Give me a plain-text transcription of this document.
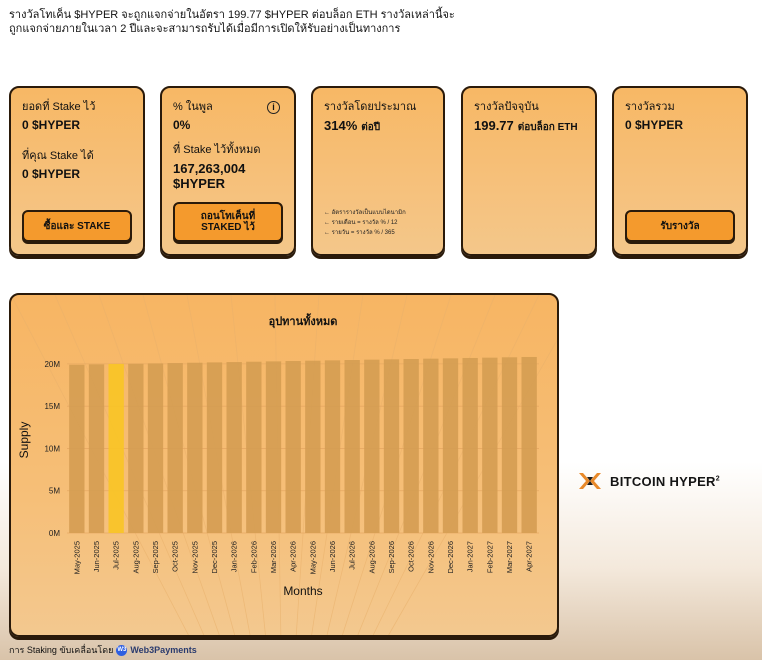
รางวัลโทเค็น $HYPER จะถูกแจกจ่ายในอัตรา 199.77 $HYPER ต่อบล็อก ETH รางวัลเหล่านี้จะ
ถูกแจกจ่ายภายในเวลา 2 ปีและจะสามารถรับได้เมื่อมีการเปิดให้รับอย่างเป็นทางการ
ยอดที่ Stake ไว้
0 $HYPER
ที่คุณ Stake ได้
0 $HYPER
ซื้อและ STAKE
% ในพูล	i
0%
ที่ Stake ไว้ทั้งหมด
167,263,004
$HYPER
ถอนโทเค็นที่
STAKED ไว้
รางวัลโดยประมาณ
314% ต่อปี
← อัตรารางวัลเป็นแบบไดนามิก
← รายเดือน = รางวัล % / 12
← รายวัน = รางวัล % / 365
รางวัลปัจจุบัน
199.77 ต่อบล็อก ETH
รางวัลรวม
0 $HYPER
รับรางวัล
0M
5M
10M
15M
20M
อุปทานทั้งหมด
May-2025 Jun-2025 Jul-2025 Aug-2025 Sep-2025 Oct-2025 Nov-2025 Dec-2025 Jan-2026 Feb-2026 Mar-2026 Apr-2026 May-2026 Jun-2026 Jul-2026 Aug-2026 Sep-2026 Oct-2026 Nov-2026 Dec-2026 Jan-2027 Feb-2027 Mar-2027 Apr-2027
Months
Supply
BITCOIN HYPER$^2$
การ Staking ขับเคลื่อนโดย W3 Web3Payments
